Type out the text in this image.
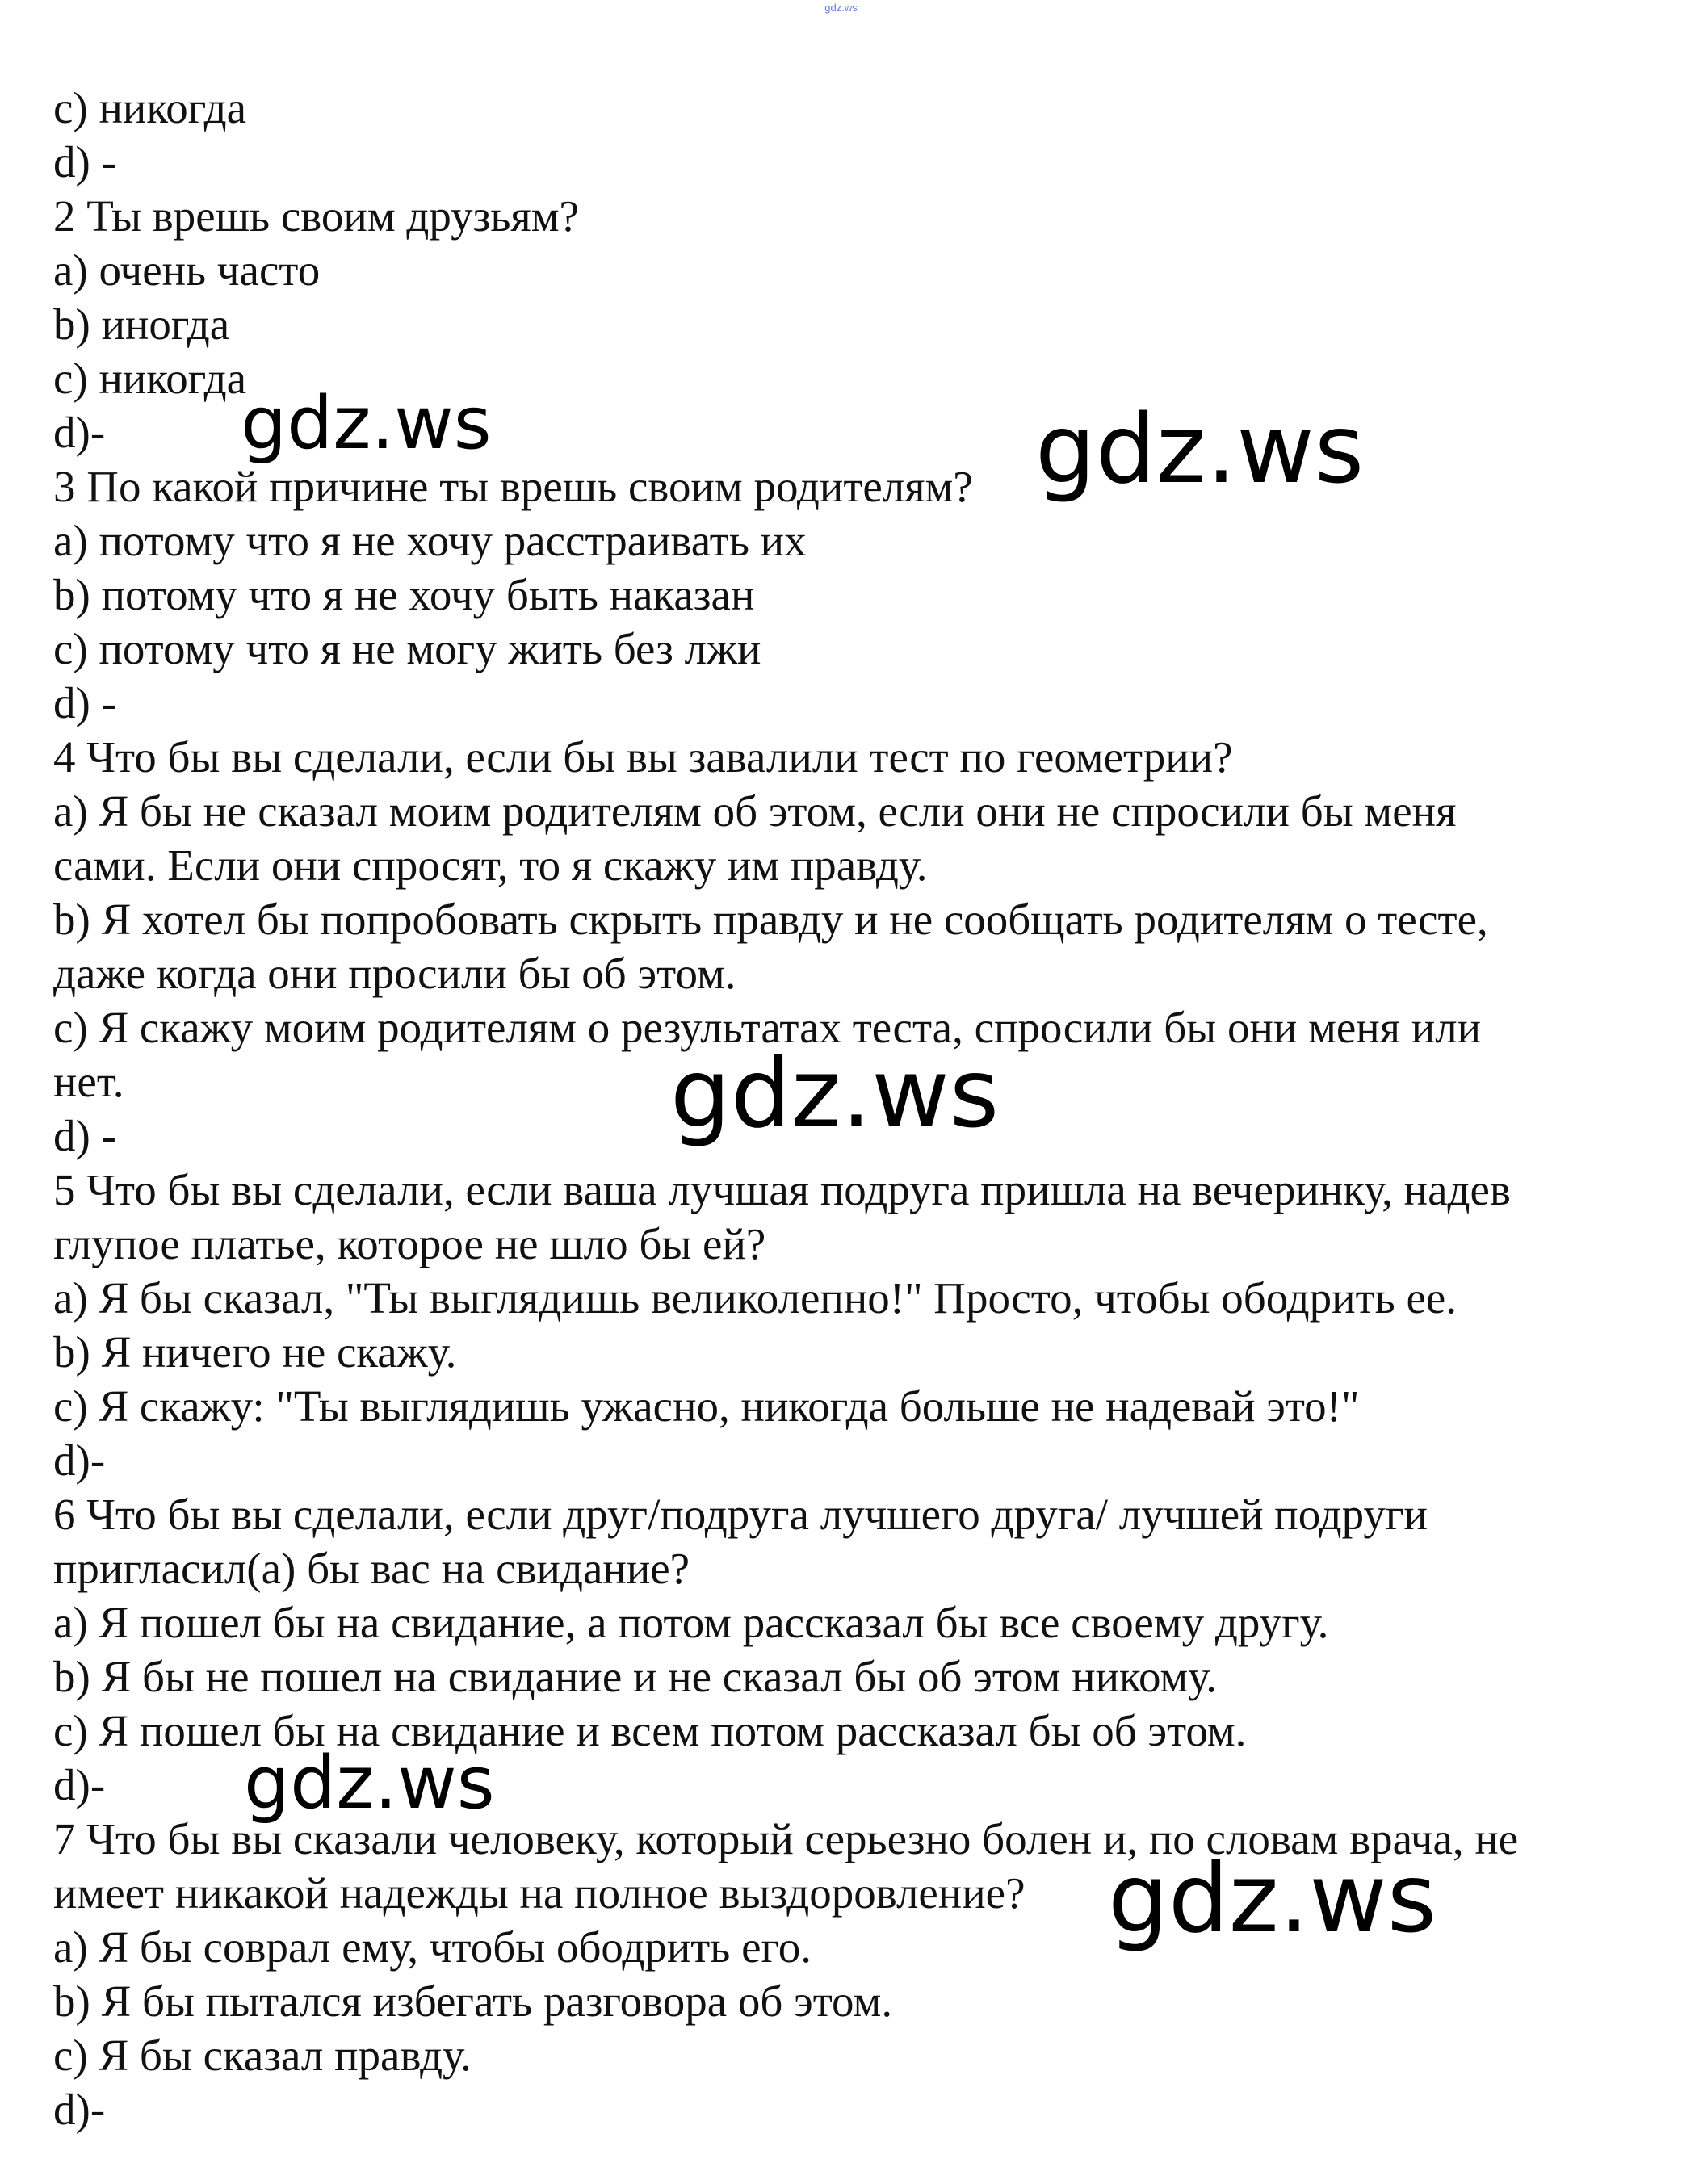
gdz.ws
c) никогда
d) -
2 Ты врешь своим друзьям?
a) очень часто
b) иногда
c) никогда
d)-
3 По какой причине ты врешь своим родителям?
a) потому что я не хочу расстраивать их
b) потому что я не хочу быть наказан
c) потому что я не могу жить без лжи
d) -
4 Что бы вы сделали, если бы вы завалили тест по геометрии?
a) Я бы не сказал моим родителям об этом, если они не спросили бы меня
сами. Если они спросят, то я скажу им правду.
b) Я хотел бы попробовать скрыть правду и не сообщать родителям о тесте,
даже когда они просили бы об этом.
c) Я скажу моим родителям о результатах теста, спросили бы они меня или
нет.
d) -
5 Что бы вы сделали, если ваша лучшая подруга пришла на вечеринку, надев
глупое платье, которое не шло бы ей?
a) Я бы сказал, "Ты выглядишь великолепно!" Просто, чтобы ободрить ее.
b) Я ничего не скажу.
c) Я скажу: "Ты выглядишь ужасно, никогда больше не надевай это!"
d)-
6 Что бы вы сделали, если друг/подруга лучшего друга/ лучшей подруги
пригласил(а) бы вас на свидание?
a) Я пошел бы на свидание, а потом рассказал бы все своему другу.
b) Я бы не пошел на свидание и не сказал бы об этом никому.
c) Я пошел бы на свидание и всем потом рассказал бы об этом.
d)-
7 Что бы вы сказали человеку, который серьезно болен и, по словам врача, не
имеет никакой надежды на полное выздоровление?
a) Я бы соврал ему, чтобы ободрить его.
b) Я бы пытался избегать разговора об этом.
c) Я бы сказал правду.
d)-
gdz.ws	gdz.ws
gdz.ws
gdz.ws
gdz.ws
